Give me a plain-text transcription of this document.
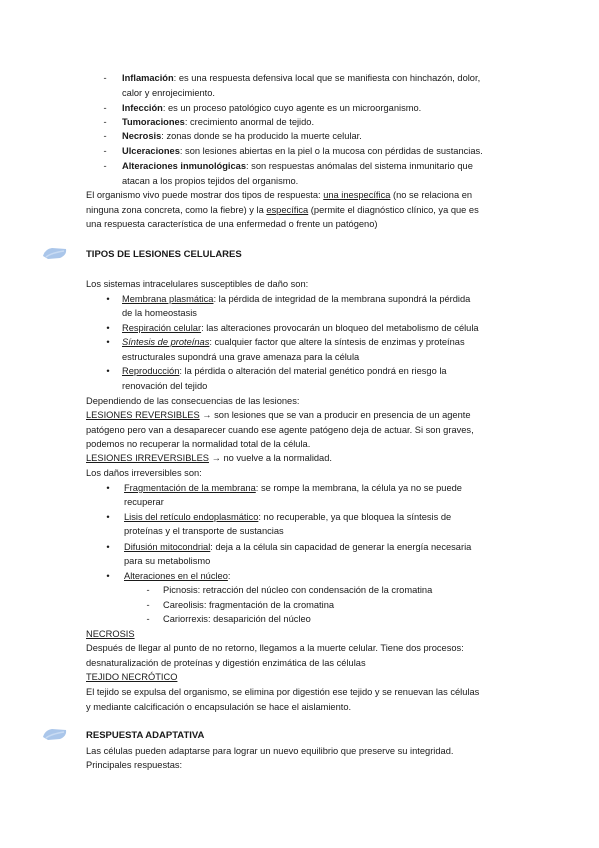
-	Inflamación: es una respuesta defensiva local que se manifiesta con hinchazón, dolor,
calor y enrojecimiento.
-	Infección: es un proceso patológico cuyo agente es un microorganismo.
-	Tumoraciones: crecimiento anormal de tejido.
-	Necrosis: zonas donde se ha producido la muerte celular.
-	Ulceraciones: son lesiones abiertas en la piel o la mucosa con pérdidas de sustancias.
-	Alteraciones inmunológicas: son respuestas anómalas del sistema inmunitario que
atacan a los propios tejidos del organismo.
El organismo vivo puede mostrar dos tipos de respuesta: una inespecífica (no se relaciona en
ninguna zona concreta, como la fiebre) y la específica (permite el diagnóstico clínico, ya que es
una respuesta característica de una enfermedad o frente un patógeno)
TIPOS DE LESIONES CELULARES
Los sistemas intracelulares susceptibles de daño son:
•	Membrana plasmática: la pérdida de integridad de la membrana supondrá la pérdida
de la homeostasis
•	Respiración celular: las alteraciones provocarán un bloqueo del metabolismo de célula
•	Síntesis de proteínas: cualquier factor que altere la síntesis de enzimas y proteínas
estructurales supondrá una grave amenaza para la célula
•	Reproducción: la pérdida o alteración del material genético pondrá en riesgo la
renovación del tejido
Dependiendo de las consecuencias de las lesiones:
LESIONES REVERSIBLES → son lesiones que se van a producir en presencia de un agente
patógeno pero van a desaparecer cuando ese agente patógeno deja de actuar. Si son graves,
podemos no recuperar la normalidad total de la célula.
LESIONES IRREVERSIBLES → no vuelve a la normalidad.
Los daños irreversibles son:
•	Fragmentación de la membrana: se rompe la membrana, la célula ya no se puede
recuperar
•	Lisis del retículo endoplasmático: no recuperable, ya que bloquea la síntesis de
proteínas y el transporte de sustancias
•	Difusión mitocondrial: deja a la célula sin capacidad de generar la energía necesaria
para su metabolismo
•	Alteraciones en el núcleo:
-	Picnosis: retracción del núcleo con condensación de la cromatina
-	Careolisis: fragmentación de la cromatina
-	Cariorrexis: desaparición del núcleo
NECROSIS
Después de llegar al punto de no retorno, llegamos a la muerte celular. Tiene dos procesos:
desnaturalización de proteínas y digestión enzimática de las células
TEJIDO NECRÓTICO
El tejido se expulsa del organismo, se elimina por digestión ese tejido y se renuevan las células
y mediante calcificación o encapsulación se hace el aislamiento.
RESPUESTA ADAPTATIVA
Las células pueden adaptarse para lograr un nuevo equilibrio que preserve su integridad.
Principales respuestas:
